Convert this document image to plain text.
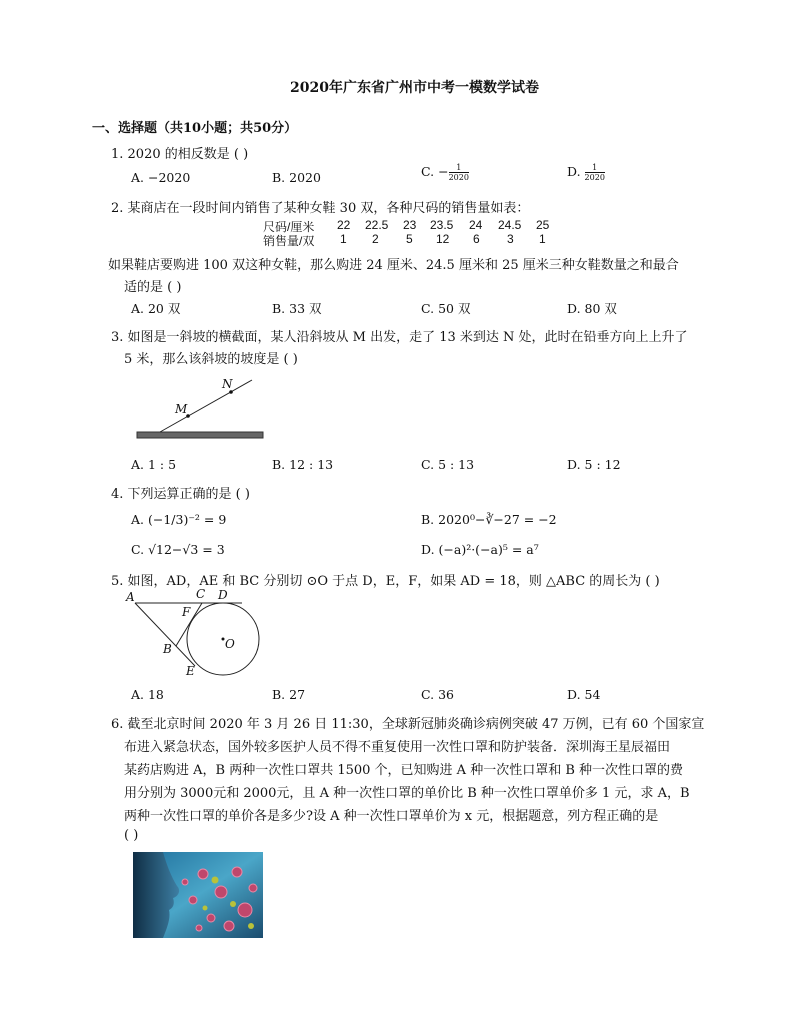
2020年广东省广州市中考一模数学试卷
一、选择题（共10小题；共50分）
1. 2020 的相反数是 ( )
A. −2020	B. 2020	C. − $\frac{1}{2020}$	D. $\frac{1}{2020}$
2. 某商店在一段时间内销售了某种女鞋 30 双，各种尺码的销售量如表：
尺码/厘米 22 22.5 23 23.5 24 24.5 25
销售量/双 1 2 5 12 6 3 1
如果鞋店要购进 100 双这种女鞋，那么购进 24 厘米、24.5 厘米和 25 厘米三种女鞋数量之和最合
适的是 ( )
A. 20 双	B. 33 双	C. 50 双	D. 80 双
3. 如图是一斜坡的横截面，某人沿斜坡从 M 出发，走了 13 米到达 N 处，此时在铅垂方向上上升了
5 米，那么该斜坡的坡度是 ( )
M
N
A. 1 : 5	B. 12 : 13	C. 5 : 13	D. 5 : 12
4. 下列运算正确的是 ( )
A. (−1/3)⁻² = 9	B. 2020⁰−∛−27 = −2
C. √12−√3 = 3	D. (−a)²·(−a)⁵ = a⁷
5. 如图，AD，AE 和 BC 分别切 ⊙O 于点 D，E，F，如果 AD = 18，则 △ABC 的周长为 ( )
A	C D
F
B
E
O
A. 18	B. 27	C. 36	D. 54
6. 截至北京时间 2020 年 3 月 26 日 11:30，全球新冠肺炎确诊病例突破 47 万例，已有 60 个国家宣
布进入紧急状态，国外较多医护人员不得不重复使用一次性口罩和防护装备．深圳海王星辰福田
某药店购进 A，B 两种一次性口罩共 1500 个，已知购进 A 种一次性口罩和 B 种一次性口罩的费
用分别为 3000元和 2000元，且 A 种一次性口罩的单价比 B 种一次性口罩单价多 1 元，求 A，B
两种一次性口罩的单价各是多少?设 A 种一次性口罩单价为 x 元，根据题意，列方程正确的是
( )
